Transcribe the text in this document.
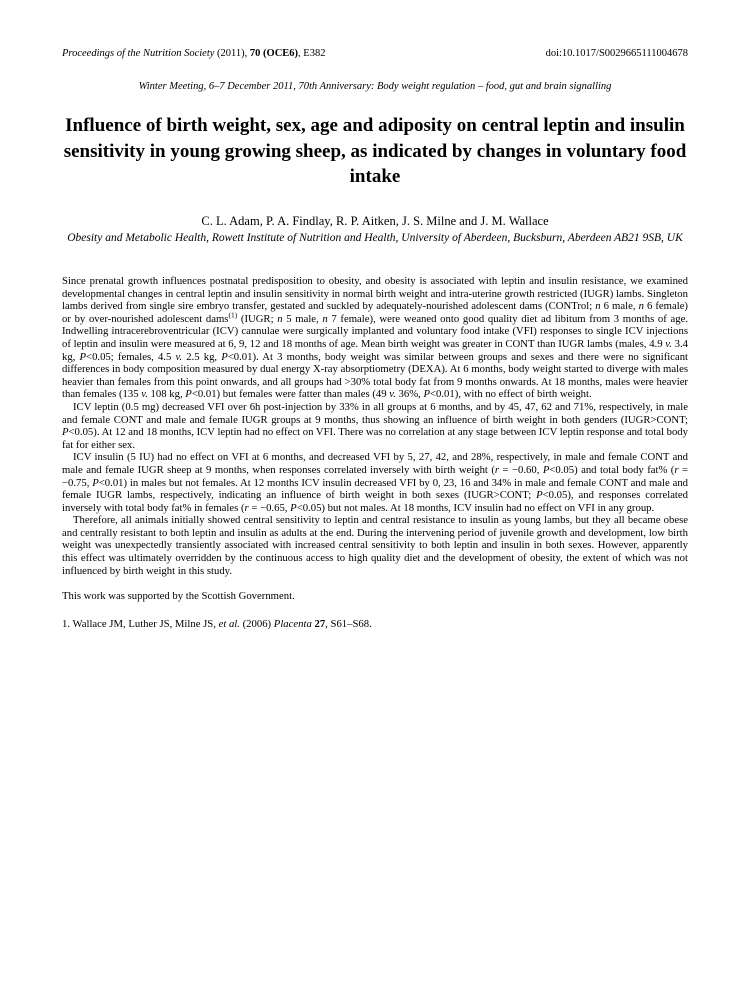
Proceedings of the Nutrition Society (2011), 70 (OCE6), E382	doi:10.1017/S0029665111004678
Winter Meeting, 6–7 December 2011, 70th Anniversary: Body weight regulation – food, gut and brain signalling
Influence of birth weight, sex, age and adiposity on central leptin and insulin sensitivity in young growing sheep, as indicated by changes in voluntary food intake
C. L. Adam, P. A. Findlay, R. P. Aitken, J. S. Milne and J. M. Wallace
Obesity and Metabolic Health, Rowett Institute of Nutrition and Health, University of Aberdeen, Bucksburn, Aberdeen AB21 9SB, UK

Since prenatal growth influences postnatal predisposition to obesity, and obesity is associated with leptin and insulin resistance, we examined developmental changes in central leptin and insulin sensitivity in normal birth weight and intra-uterine growth restricted (IUGR) lambs. Singleton lambs derived from single sire embryo transfer, gestated and suckled by adequately-nourished adolescent dams (CONTrol; n 6 male, n 6 female) or by over-nourished adolescent dams$^{(1)}$ (IUGR; n 5 male, n 7 female), were weaned onto good quality diet ad libitum from 3 months of age. Indwelling intracerebroventricular (ICV) cannulae were surgically implanted and voluntary food intake (VFI) responses to single ICV injections of leptin and insulin were measured at 6, 9, 12 and 18 months of age. Mean birth weight was greater in CONT than IUGR lambs (males, 4.9 v. 3.4 kg, P<0.05; females, 4.5 v. 2.5 kg, P<0.01). At 3 months, body weight was similar between groups and sexes and there were no significant differences in body composition measured by dual energy X-ray absorptiometry (DEXA). At 6 months, body weight started to diverge with males heavier than females from this point onwards, and all groups had >30% total body fat from 9 months onwards. At 18 months, males were heavier than females (135 v. 108 kg, P<0.01) but females were fatter than males (49 v. 36%, P<0.01), with no effect of birth weight.

ICV leptin (0.5 mg) decreased VFI over 6h post-injection by 33% in all groups at 6 months, and by 45, 47, 62 and 71%, respectively, in male and female CONT and male and female IUGR groups at 9 months, thus showing an influence of birth weight in both genders (IUGR>CONT; P<0.05). At 12 and 18 months, ICV leptin had no effect on VFI. There was no correlation at any stage between ICV leptin response and total body fat for either sex.

ICV insulin (5 IU) had no effect on VFI at 6 months, and decreased VFI by 5, 27, 42, and 28%, respectively, in male and female CONT and male and female IUGR sheep at 9 months, when responses correlated inversely with birth weight (r = −0.60, P<0.05) and total body fat% (r = −0.75, P<0.01) in males but not females. At 12 months ICV insulin decreased VFI by 0, 23, 16 and 34% in male and female CONT and male and female IUGR lambs, respectively, indicating an influence of birth weight in both sexes (IUGR>CONT; P<0.05), and responses correlated inversely with total body fat% in females (r = −0.65, P<0.05) but not males. At 18 months, ICV insulin had no effect on VFI in any group.

Therefore, all animals initially showed central sensitivity to leptin and central resistance to insulin as young lambs, but they all became obese and centrally resistant to both leptin and insulin as adults at the end. During the intervening period of juvenile growth and development, low birth weight was unexpectedly transiently associated with increased central sensitivity to both leptin and insulin in both sexes. However, apparently this effect was ultimately overridden by the continuous access to high quality diet and the development of obesity, the extent of which was not influenced by birth weight in this study.

This work was supported by the Scottish Government.

1. Wallace JM, Luther JS, Milne JS, et al. (2006) Placenta 27, S61–S68.
